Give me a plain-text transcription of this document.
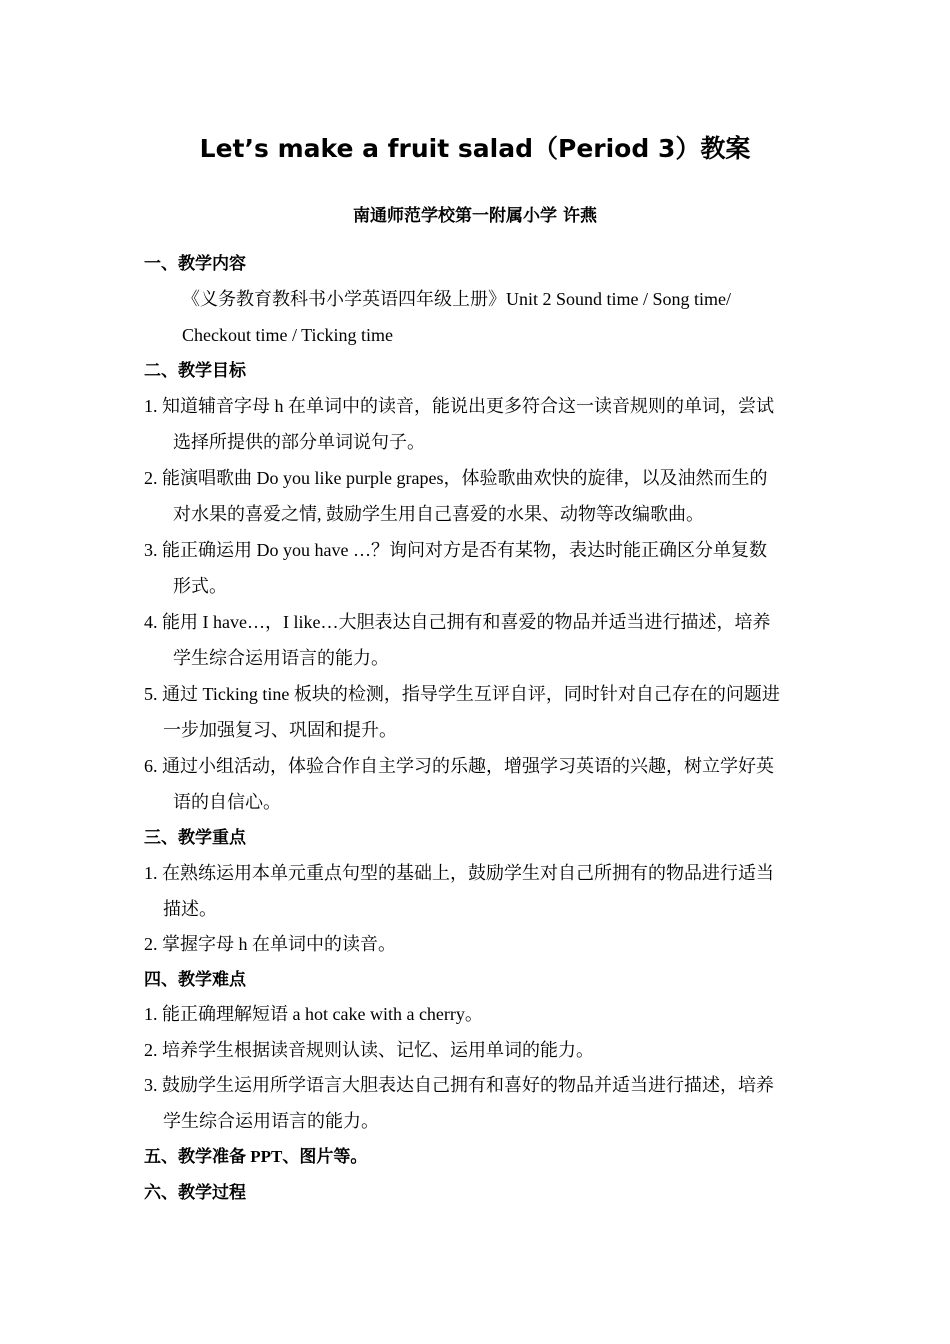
Let’s make a fruit salad（Period 3）教案
南通师范学校第一附属小学 许燕
一、教学内容
《义务教育教科书小学英语四年级上册》Unit 2 Sound time / Song time/
Checkout time / Ticking time
二、教学目标
1. 知道辅音字母 h 在单词中的读音，能说出更多符合这一读音规则的单词，尝试
选择所提供的部分单词说句子。
2. 能演唱歌曲 Do you like purple grapes，体验歌曲欢快的旋律，以及油然而生的
对水果的喜爱之情, 鼓励学生用自己喜爱的水果、动物等改编歌曲。
3. 能正确运用 Do you have …？询问对方是否有某物，表达时能正确区分单复数
形式。
4. 能用 I have…，I like…大胆表达自己拥有和喜爱的物品并适当进行描述，培养
学生综合运用语言的能力。
5. 通过 Ticking tine 板块的检测，指导学生互评自评，同时针对自己存在的问题进
一步加强复习、巩固和提升。
6. 通过小组活动，体验合作自主学习的乐趣，增强学习英语的兴趣，树立学好英
语的自信心。
三、教学重点
1. 在熟练运用本单元重点句型的基础上，鼓励学生对自己所拥有的物品进行适当
描述。
2. 掌握字母 h 在单词中的读音。
四、教学难点
1. 能正确理解短语 a hot cake with a cherry。
2. 培养学生根据读音规则认读、记忆、运用单词的能力。
3. 鼓励学生运用所学语言大胆表达自己拥有和喜好的物品并适当进行描述，培养
学生综合运用语言的能力。
五、教学准备 PPT、图片等。
六、教学过程
